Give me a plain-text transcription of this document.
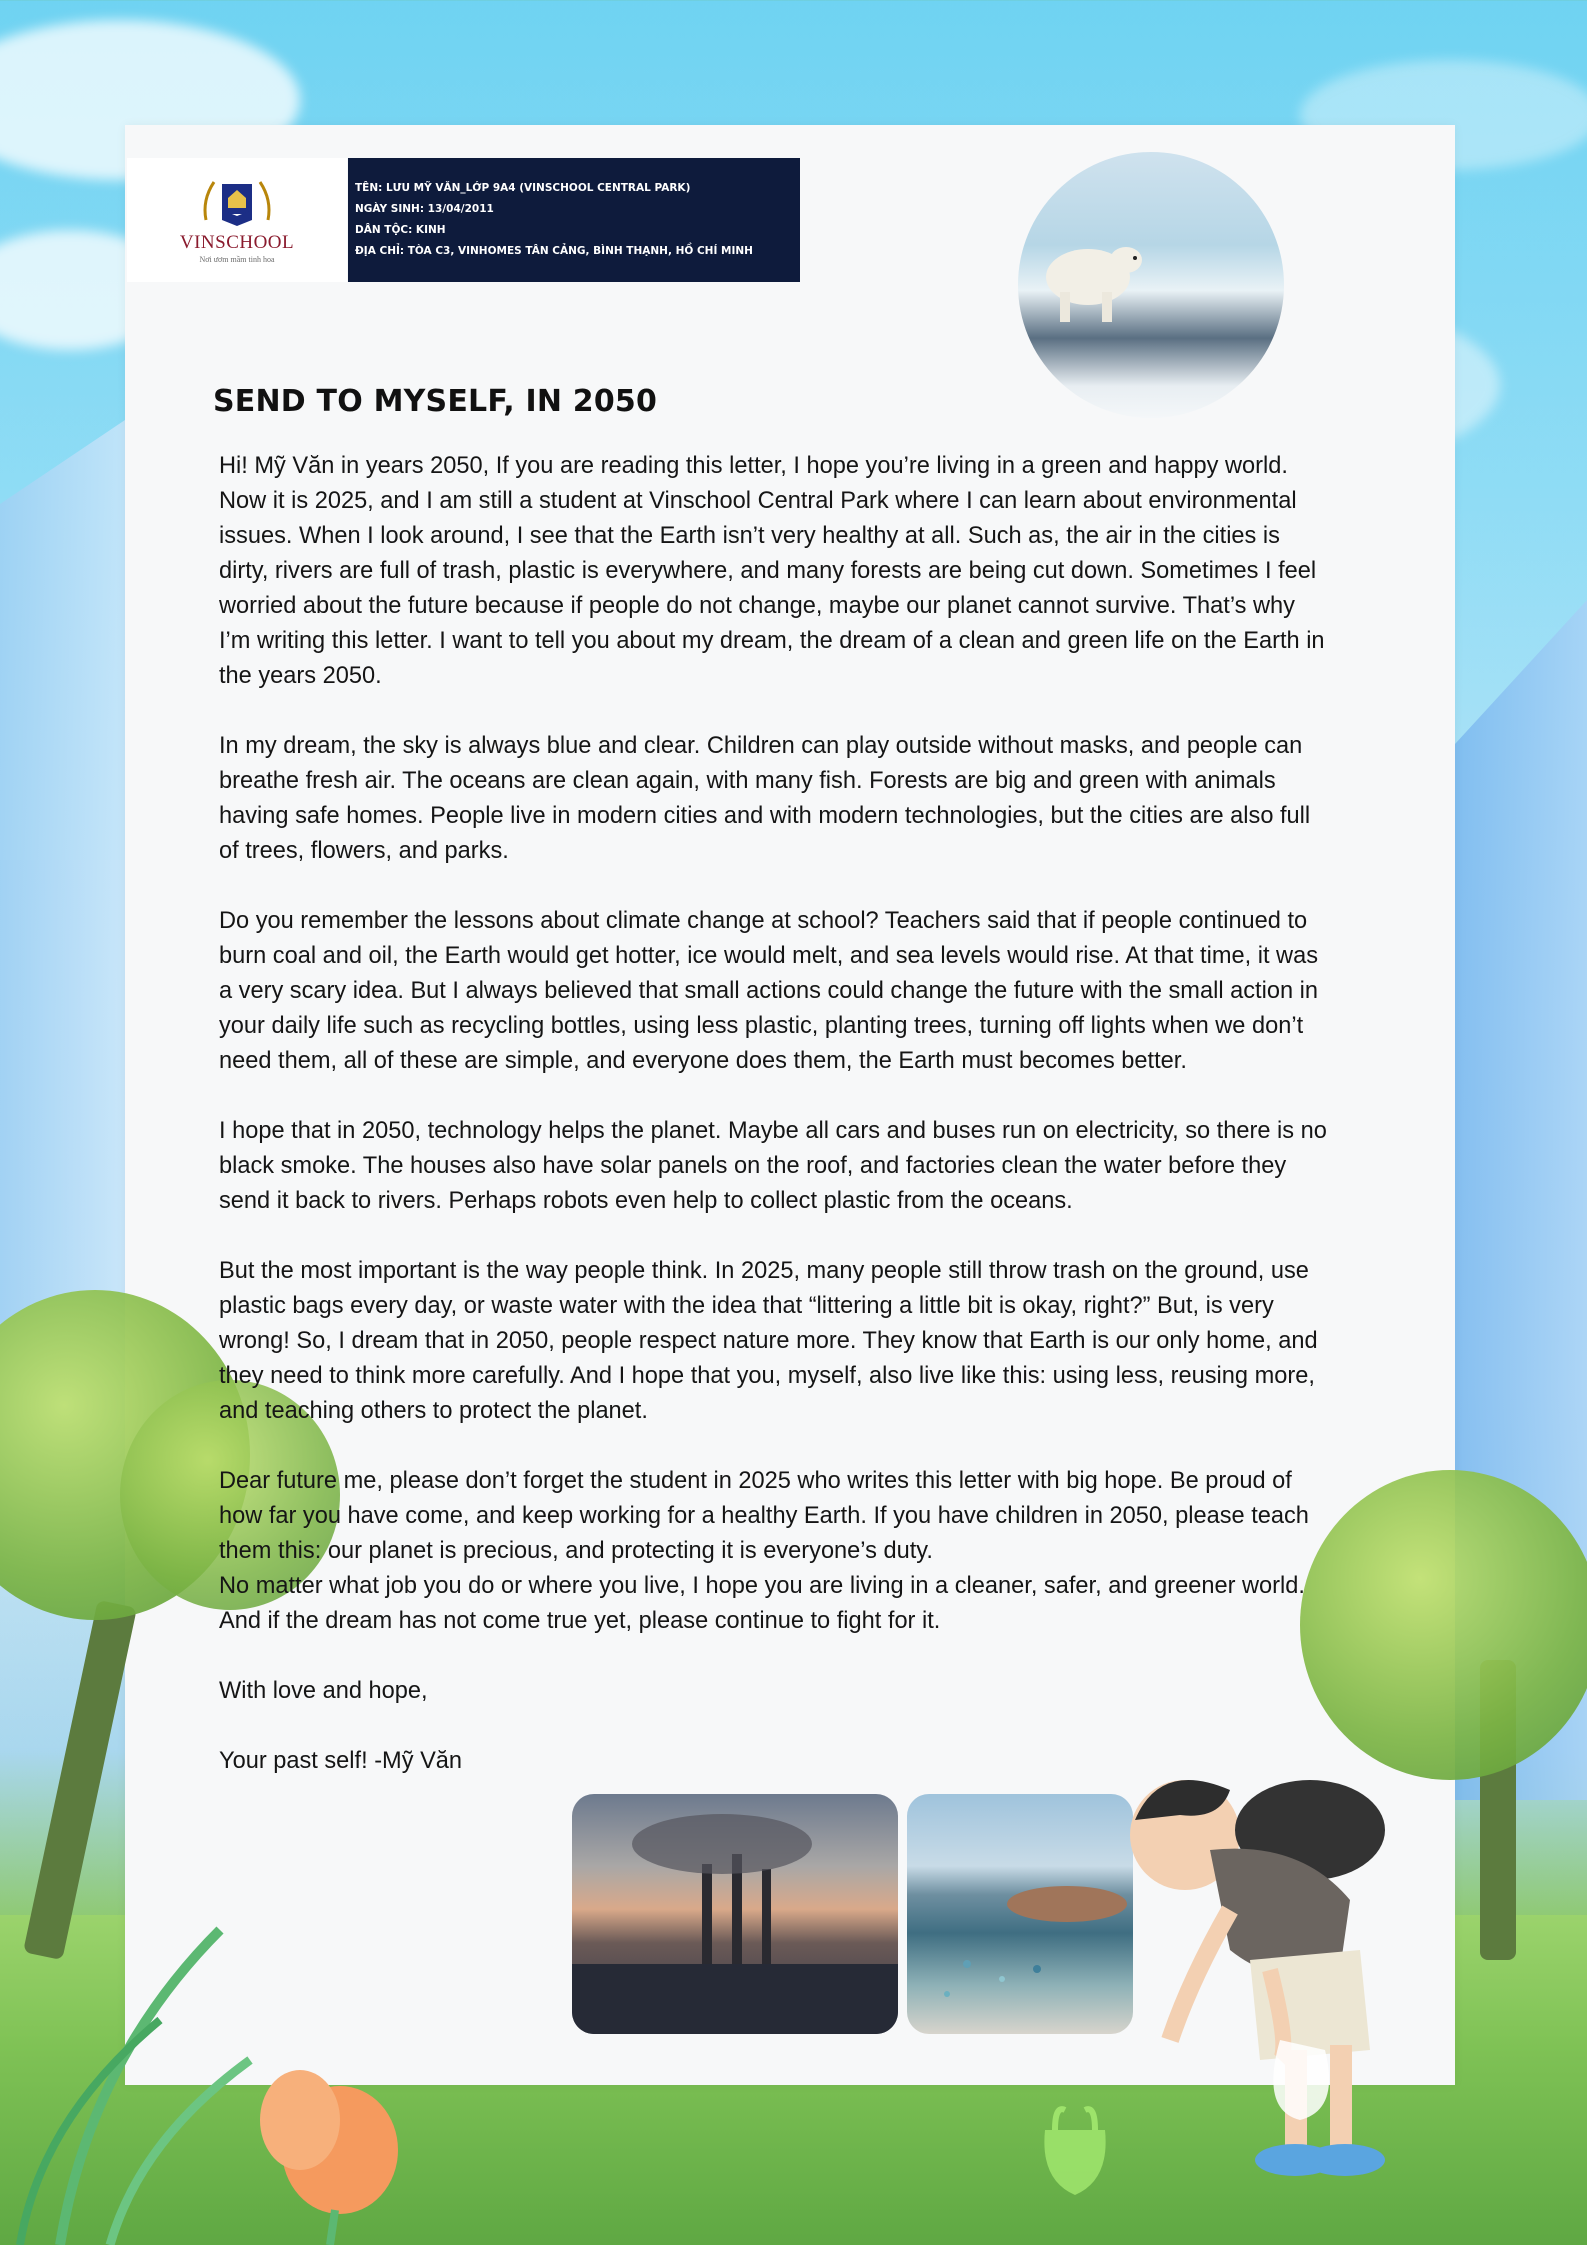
VINSCHOOL
Nơi ươm mầm tinh hoa
TÊN: LƯU MỸ VĂN_LỚP 9A4 (VINSCHOOL CENTRAL PARK)
NGÀY SINH: 13/04/2011
DÂN TỘC: KINH
ĐỊA CHỈ: TÒA C3, VINHOMES TÂN CẢNG, BÌNH THẠNH, HỒ CHÍ MINH
SEND TO MYSELF, IN 2050

Hi! Mỹ Văn in years 2050, If you are reading this letter, I hope you’re living in a green and happy world. Now it is 2025, and I am still a student at Vinschool Central Park where I can learn about environmental issues. When I look around, I see that the Earth isn’t very healthy at all. Such as, the air in the cities is dirty, rivers are full of trash, plastic is everywhere, and many forests are being cut down. Sometimes I feel worried about the future because if people do not change, maybe our planet cannot survive. That’s why I’m writing this letter. I want to tell you about my dream, the dream of a clean and green life on the Earth in the years 2050.

In my dream, the sky is always blue and clear. Children can play outside without masks, and people can breathe fresh air. The oceans are clean again, with many fish. Forests are big and green with animals having safe homes. People live in modern cities and with modern technologies, but the cities are also full of trees, flowers, and parks.

Do you remember the lessons about climate change at school? Teachers said that if people continued to burn coal and oil, the Earth would get hotter, ice would melt, and sea levels would rise. At that time, it was a very scary idea. But I always believed that small actions could change the future with the small action in your daily life such as recycling bottles, using less plastic, planting trees, turning off lights when we don’t need them, all of these are simple, and everyone does them, the Earth must becomes better.

I hope that in 2050, technology helps the planet. Maybe all cars and buses run on electricity, so there is no black smoke. The houses also have solar panels on the roof, and factories clean the water before they send it back to rivers. Perhaps robots even help to collect plastic from the oceans.

But the most important is the way people think. In 2025, many people still throw trash on the ground, use plastic bags every day, or waste water with the idea that “littering a little bit is okay, right?” But, is very wrong! So, I dream that in 2050, people respect nature more. They know that Earth is our only home, and they need to think more carefully. And I hope that you, myself, also live like this: using less, reusing more, and teaching others to protect the planet.

Dear future me, please don’t forget the student in 2025 who writes this letter with big hope. Be proud of how far you have come, and keep working for a healthy Earth. If you have children in 2050, please teach them this: our planet is precious, and protecting it is everyone’s duty.

No matter what job you do or where you live, I hope you are living in a cleaner, safer, and greener world. And if the dream has not come true yet, please continue to fight for it.

With love and hope,

Your past self! -Mỹ Văn
